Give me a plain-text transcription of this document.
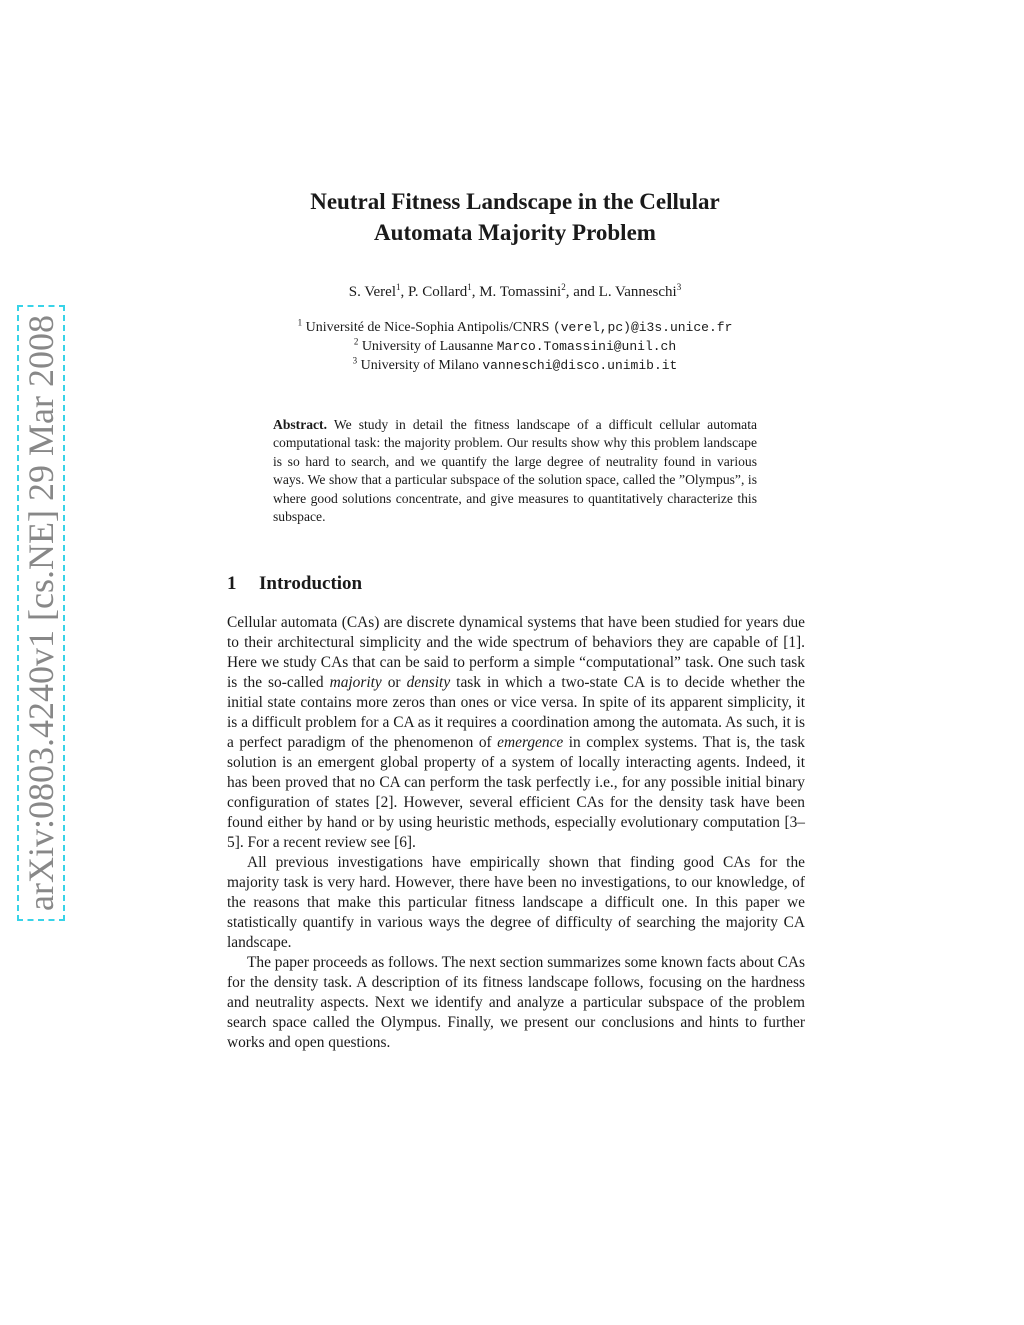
arXiv:0803.4240v1 [cs.NE] 29 Mar 2008
Neutral Fitness Landscape in the Cellular
Automata Majority Problem
S. Verel$^1$, P. Collard$^1$, M. Tomassini$^2$, and L. Vanneschi$^3$
$^1$ Université de Nice-Sophia Antipolis/CNRS (verel,pc)@i3s.unice.fr
$^2$ University of Lausanne Marco.Tomassini@unil.ch
$^3$ University of Milano vanneschi@disco.unimib.it
Abstract. We study in detail the fitness landscape of a difficult cellular automata computational task: the majority problem. Our results show why this problem landscape is so hard to search, and we quantify the large degree of neutrality found in various ways. We show that a particular subspace of the solution space, called the ”Olympus”, is where good solutions concentrate, and give measures to quantitatively characterize this subspace.
1 Introduction

Cellular automata (CAs) are discrete dynamical systems that have been studied for years due to their architectural simplicity and the wide spectrum of behaviors they are capable of [1]. Here we study CAs that can be said to perform a simple “computational” task. One such task is the so-called majority or density task in which a two-state CA is to decide whether the initial state contains more zeros than ones or vice versa. In spite of its apparent simplicity, it is a difficult problem for a CA as it requires a coordination among the automata. As such, it is a perfect paradigm of the phenomenon of emergence in complex systems. That is, the task solution is an emergent global property of a system of locally interacting agents. Indeed, it has been proved that no CA can perform the task perfectly i.e., for any possible initial binary configuration of states [2]. However, several efficient CAs for the density task have been found either by hand or by using heuristic methods, especially evolutionary computation [3–5]. For a recent review see [6].

All previous investigations have empirically shown that finding good CAs for the majority task is very hard. However, there have been no investigations, to our knowledge, of the reasons that make this particular fitness landscape a difficult one. In this paper we statistically quantify in various ways the degree of difficulty of searching the majority CA landscape.

The paper proceeds as follows. The next section summarizes some known facts about CAs for the density task. A description of its fitness landscape follows, focusing on the hardness and neutrality aspects. Next we identify and analyze a particular subspace of the problem search space called the Olympus. Finally, we present our conclusions and hints to further works and open questions.
